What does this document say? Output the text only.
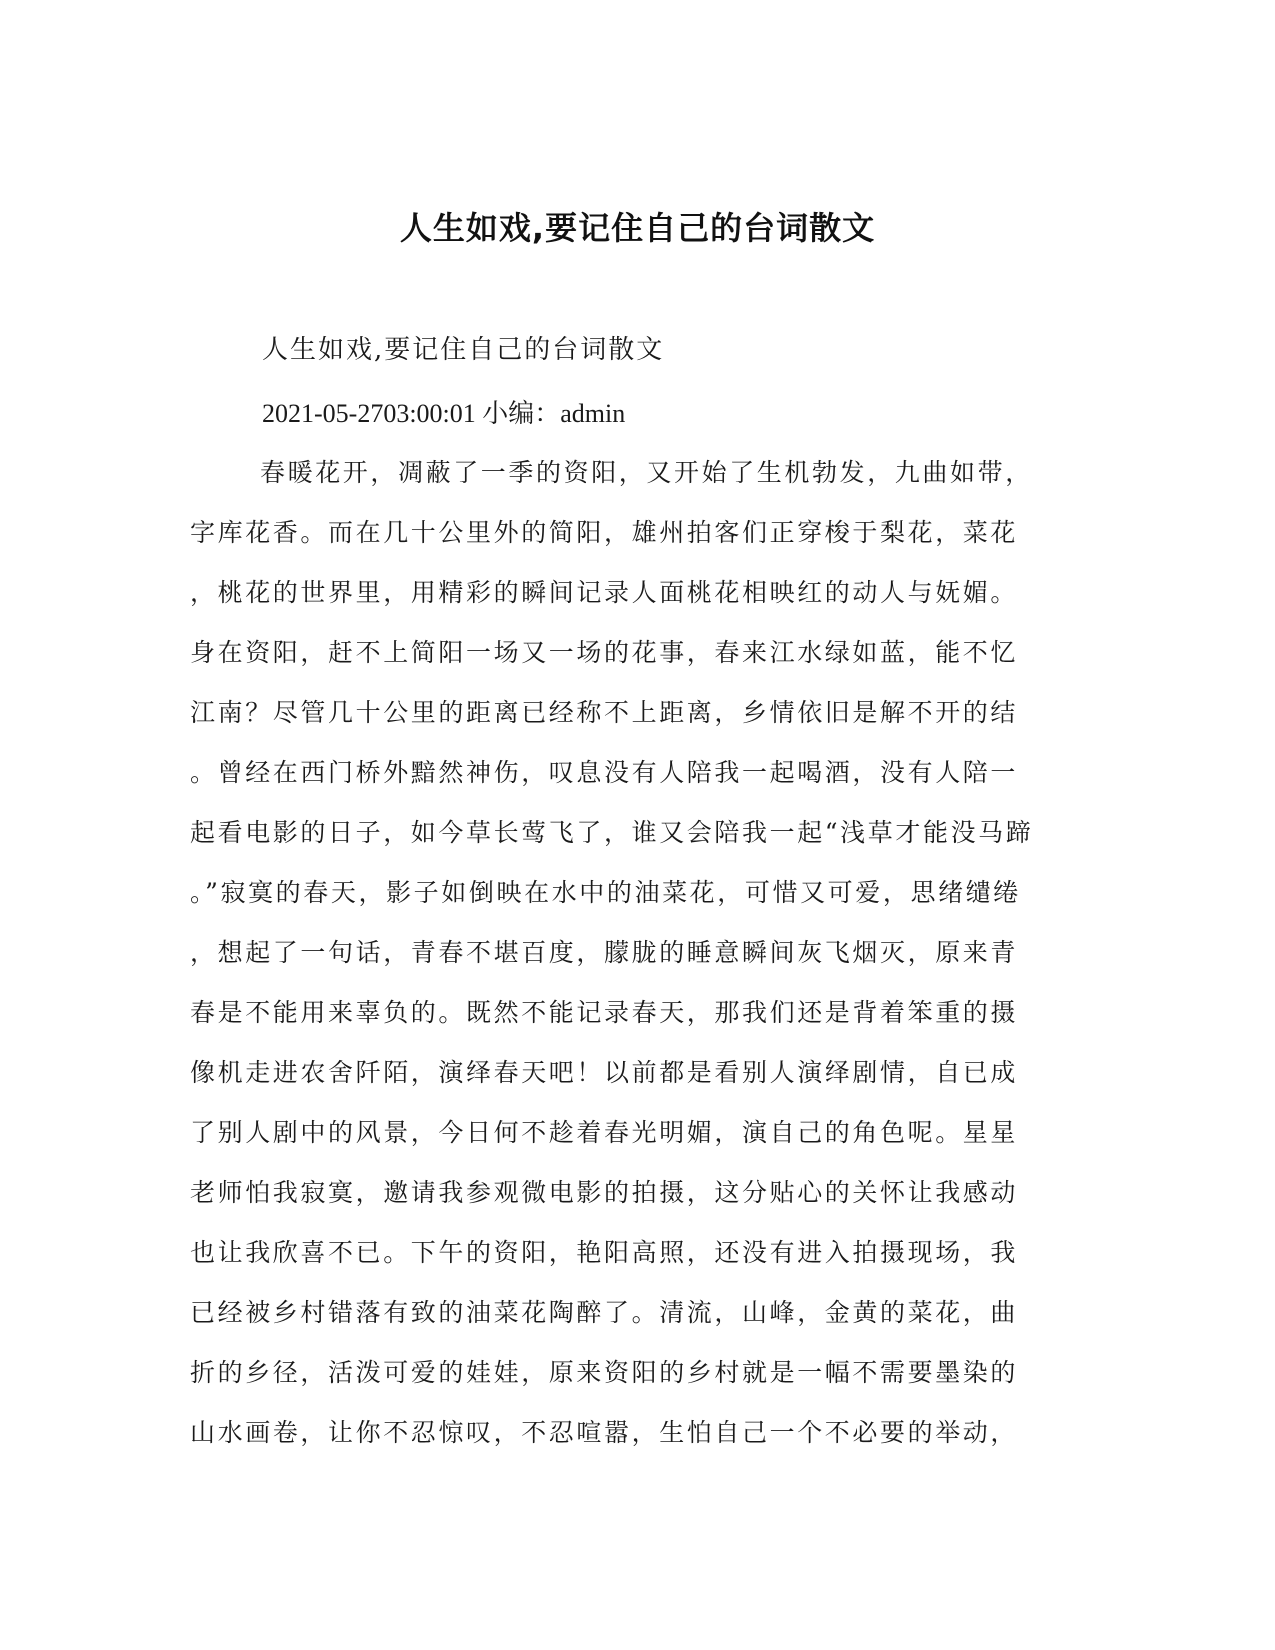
人生如戏,要记住自己的台词散文
人生如戏,要记住自己的台词散文
2021-05-2703:00:01 小编：admin
春暖花开，凋蔽了一季的资阳，又开始了生机勃发，九曲如带，
字库花香。而在几十公里外的简阳，雄州拍客们正穿梭于梨花，菜花
，桃花的世界里，用精彩的瞬间记录人面桃花相映红的动人与妩媚。
身在资阳，赶不上简阳一场又一场的花事，春来江水绿如蓝，能不忆
江南？尽管几十公里的距离已经称不上距离，乡情依旧是解不开的结
。曾经在西门桥外黯然神伤，叹息没有人陪我一起喝酒，没有人陪一
起看电影的日子，如今草长莺飞了，谁又会陪我一起“浅草才能没马蹄
。”寂寞的春天，影子如倒映在水中的油菜花，可惜又可爱，思绪缱绻
，想起了一句话，青春不堪百度，朦胧的睡意瞬间灰飞烟灭，原来青
春是不能用来辜负的。既然不能记录春天，那我们还是背着笨重的摄
像机走进农舍阡陌，演绎春天吧！以前都是看别人演绎剧情，自已成
了别人剧中的风景，今日何不趁着春光明媚，演自己的角色呢。星星
老师怕我寂寞，邀请我参观微电影的拍摄，这分贴心的关怀让我感动
也让我欣喜不已。下午的资阳，艳阳高照，还没有进入拍摄现场，我
已经被乡村错落有致的油菜花陶醉了。清流，山峰，金黄的菜花，曲
折的乡径，活泼可爱的娃娃，原来资阳的乡村就是一幅不需要墨染的
山水画卷，让你不忍惊叹，不忍喧嚣，生怕自己一个不必要的举动，
